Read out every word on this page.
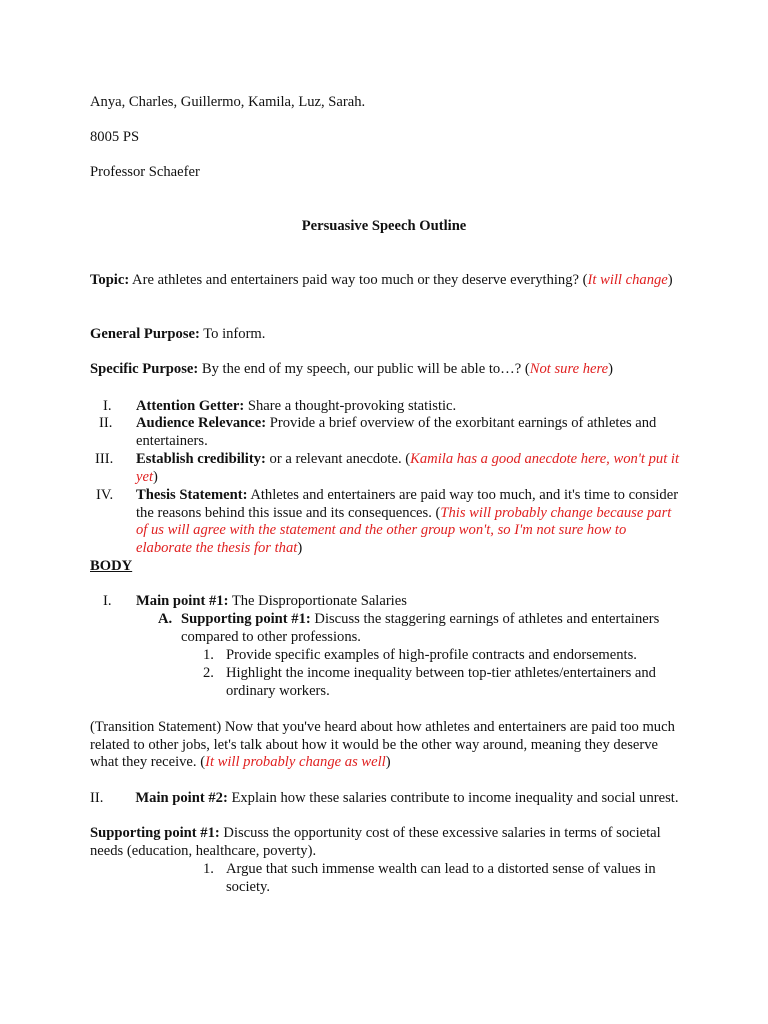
Anya, Charles, Guillermo, Kamila, Luz, Sarah.
8005 PS
Professor Schaefer
Persuasive Speech Outline
Topic: Are athletes and entertainers paid way too much or they deserve everything? (It will change)
General Purpose: To inform.
Specific Purpose: By the end of my speech, our public will be able to…? (Not sure here)
I. Attention Getter: Share a thought-provoking statistic.
II. Audience Relevance: Provide a brief overview of the exorbitant earnings of athletes and entertainers.
III. Establish credibility: or a relevant anecdote. (Kamila has a good anecdote here, won't put it yet)
IV. Thesis Statement: Athletes and entertainers are paid way too much, and it's time to consider the reasons behind this issue and its consequences. (This will probably change because part of us will agree with the statement and the other group won't, so I'm not sure how to elaborate the thesis for that)
BODY
I. Main point #1: The Disproportionate Salaries
A. Supporting point #1: Discuss the staggering earnings of athletes and entertainers compared to other professions.
1. Provide specific examples of high-profile contracts and endorsements.
2. Highlight the income inequality between top-tier athletes/entertainers and ordinary workers.
(Transition Statement) Now that you've heard about how athletes and entertainers are paid too much related to other jobs, let's talk about how it would be the other way around, meaning they deserve what they receive. (It will probably change as well)
II. Main point #2: Explain how these salaries contribute to income inequality and social unrest.
Supporting point #1: Discuss the opportunity cost of these excessive salaries in terms of societal needs (education, healthcare, poverty).
1. Argue that such immense wealth can lead to a distorted sense of values in society.
